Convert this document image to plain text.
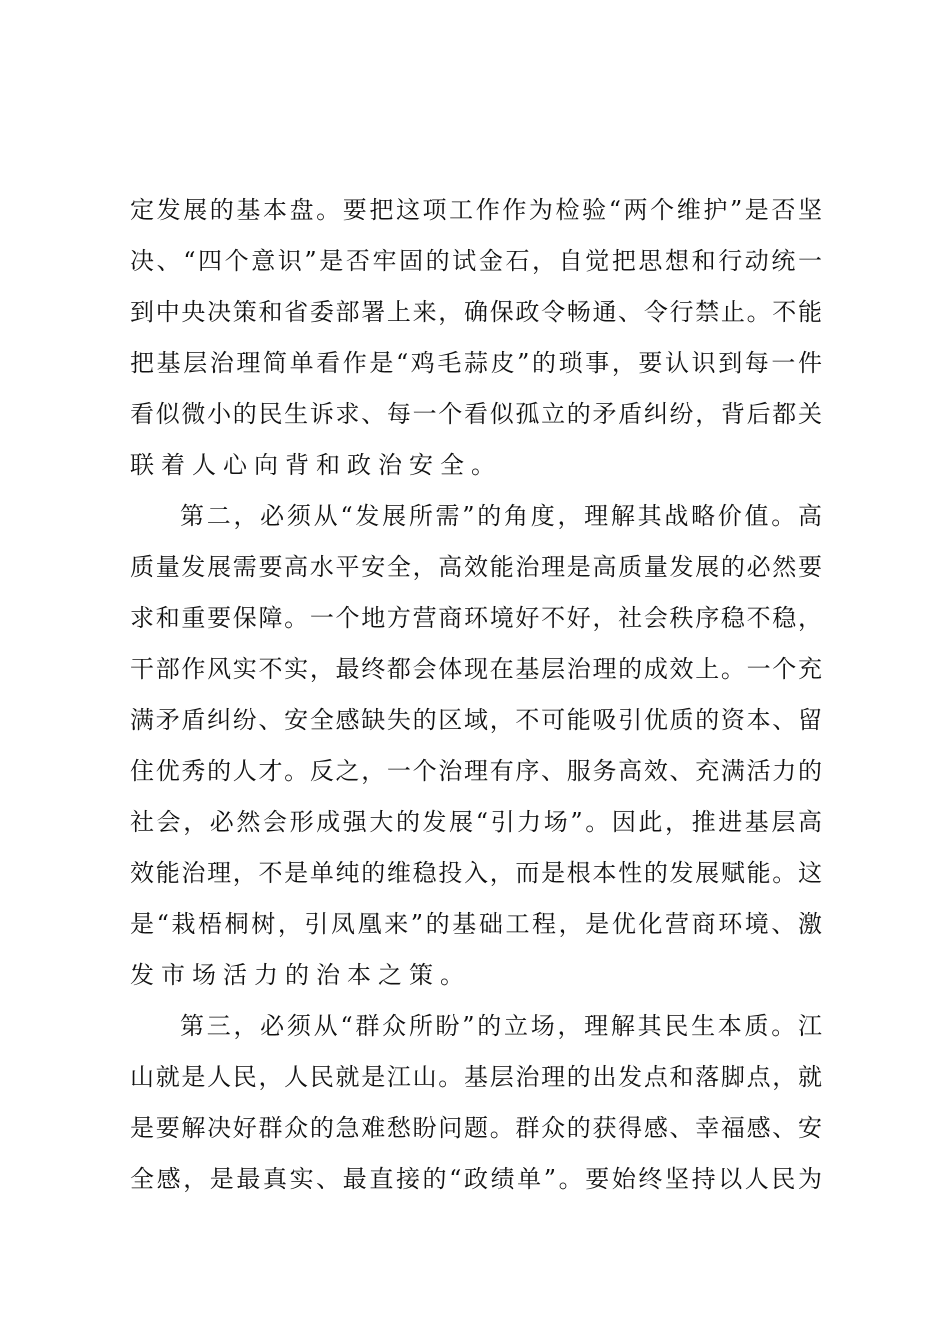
定发展的基本盘。要把这项工作作为检验“两个维护”是否坚
决、“四个意识”是否牢固的试金石，自觉把思想和行动统一
到中央决策和省委部署上来，确保政令畅通、令行禁止。不能
把基层治理简单看作是“鸡毛蒜皮”的琐事，要认识到每一件
看似微小的民生诉求、每一个看似孤立的矛盾纠纷，背后都关
联着人心向背和政治安全。
第二，必须从“发展所需”的角度，理解其战略价值。高
质量发展需要高水平安全，高效能治理是高质量发展的必然要
求和重要保障。一个地方营商环境好不好，社会秩序稳不稳，
干部作风实不实，最终都会体现在基层治理的成效上。一个充
满矛盾纠纷、安全感缺失的区域，不可能吸引优质的资本、留
住优秀的人才。反之，一个治理有序、服务高效、充满活力的
社会，必然会形成强大的发展“引力场”。因此，推进基层高
效能治理，不是单纯的维稳投入，而是根本性的发展赋能。这
是“栽梧桐树，引凤凰来”的基础工程，是优化营商环境、激
发市场活力的治本之策。
第三，必须从“群众所盼”的立场，理解其民生本质。江
山就是人民，人民就是江山。基层治理的出发点和落脚点，就
是要解决好群众的急难愁盼问题。群众的获得感、幸福感、安
全感，是最真实、最直接的“政绩单”。要始终坚持以人民为
